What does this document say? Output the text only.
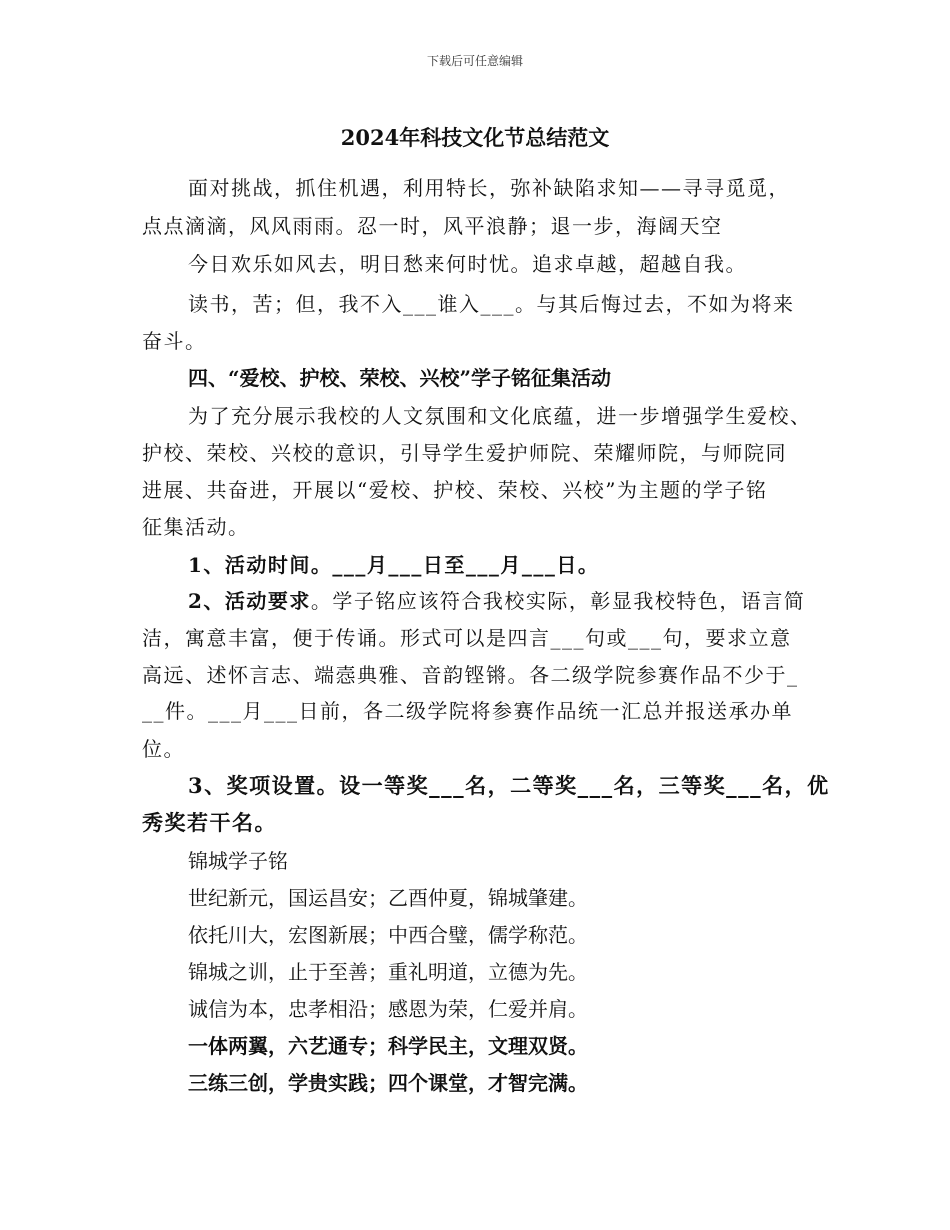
下载后可任意编辑
2024年科技文化节总结范文
面对挑战，抓住机遇，利用特长，弥补缺陷求知——寻寻觅觅，
点点滴滴，风风雨雨。忍一时，风平浪静；退一步，海阔天空
今日欢乐如风去，明日愁来何时忧。追求卓越，超越自我。
读书，苦；但，我不入___谁入___。与其后悔过去，不如为将来
奋斗。
四、“爱校、护校、荣校、兴校”学子铭征集活动
为了充分展示我校的人文氛围和文化底蕴，进一步增强学生爱校、
护校、荣校、兴校的意识，引导学生爱护师院、荣耀师院，与师院同
进展、共奋进，开展以“爱校、护校、荣校、兴校”为主题的学子铭
征集活动。
1、活动时间。___月___日至___月___日。
2、活动要求。学子铭应该符合我校实际，彰显我校特色，语言简
洁，寓意丰富，便于传诵。形式可以是四言___句或___句，要求立意
高远、述怀言志、端悫典雅、音韵铿锵。各二级学院参赛作品不少于_
__件。___月___日前，各二级学院将参赛作品统一汇总并报送承办单
位。
3、奖项设置。设一等奖___名，二等奖___名，三等奖___名，优
秀奖若干名。
锦城学子铭
世纪新元，国运昌安；乙酉仲夏，锦城肇建。
依托川大，宏图新展；中西合璧，儒学称范。
锦城之训，止于至善；重礼明道，立德为先。
诚信为本，忠孝相沿；感恩为荣，仁爱并肩。
一体两翼，六艺通专；科学民主，文理双贤。
三练三创，学贵实践；四个课堂，才智完满。
